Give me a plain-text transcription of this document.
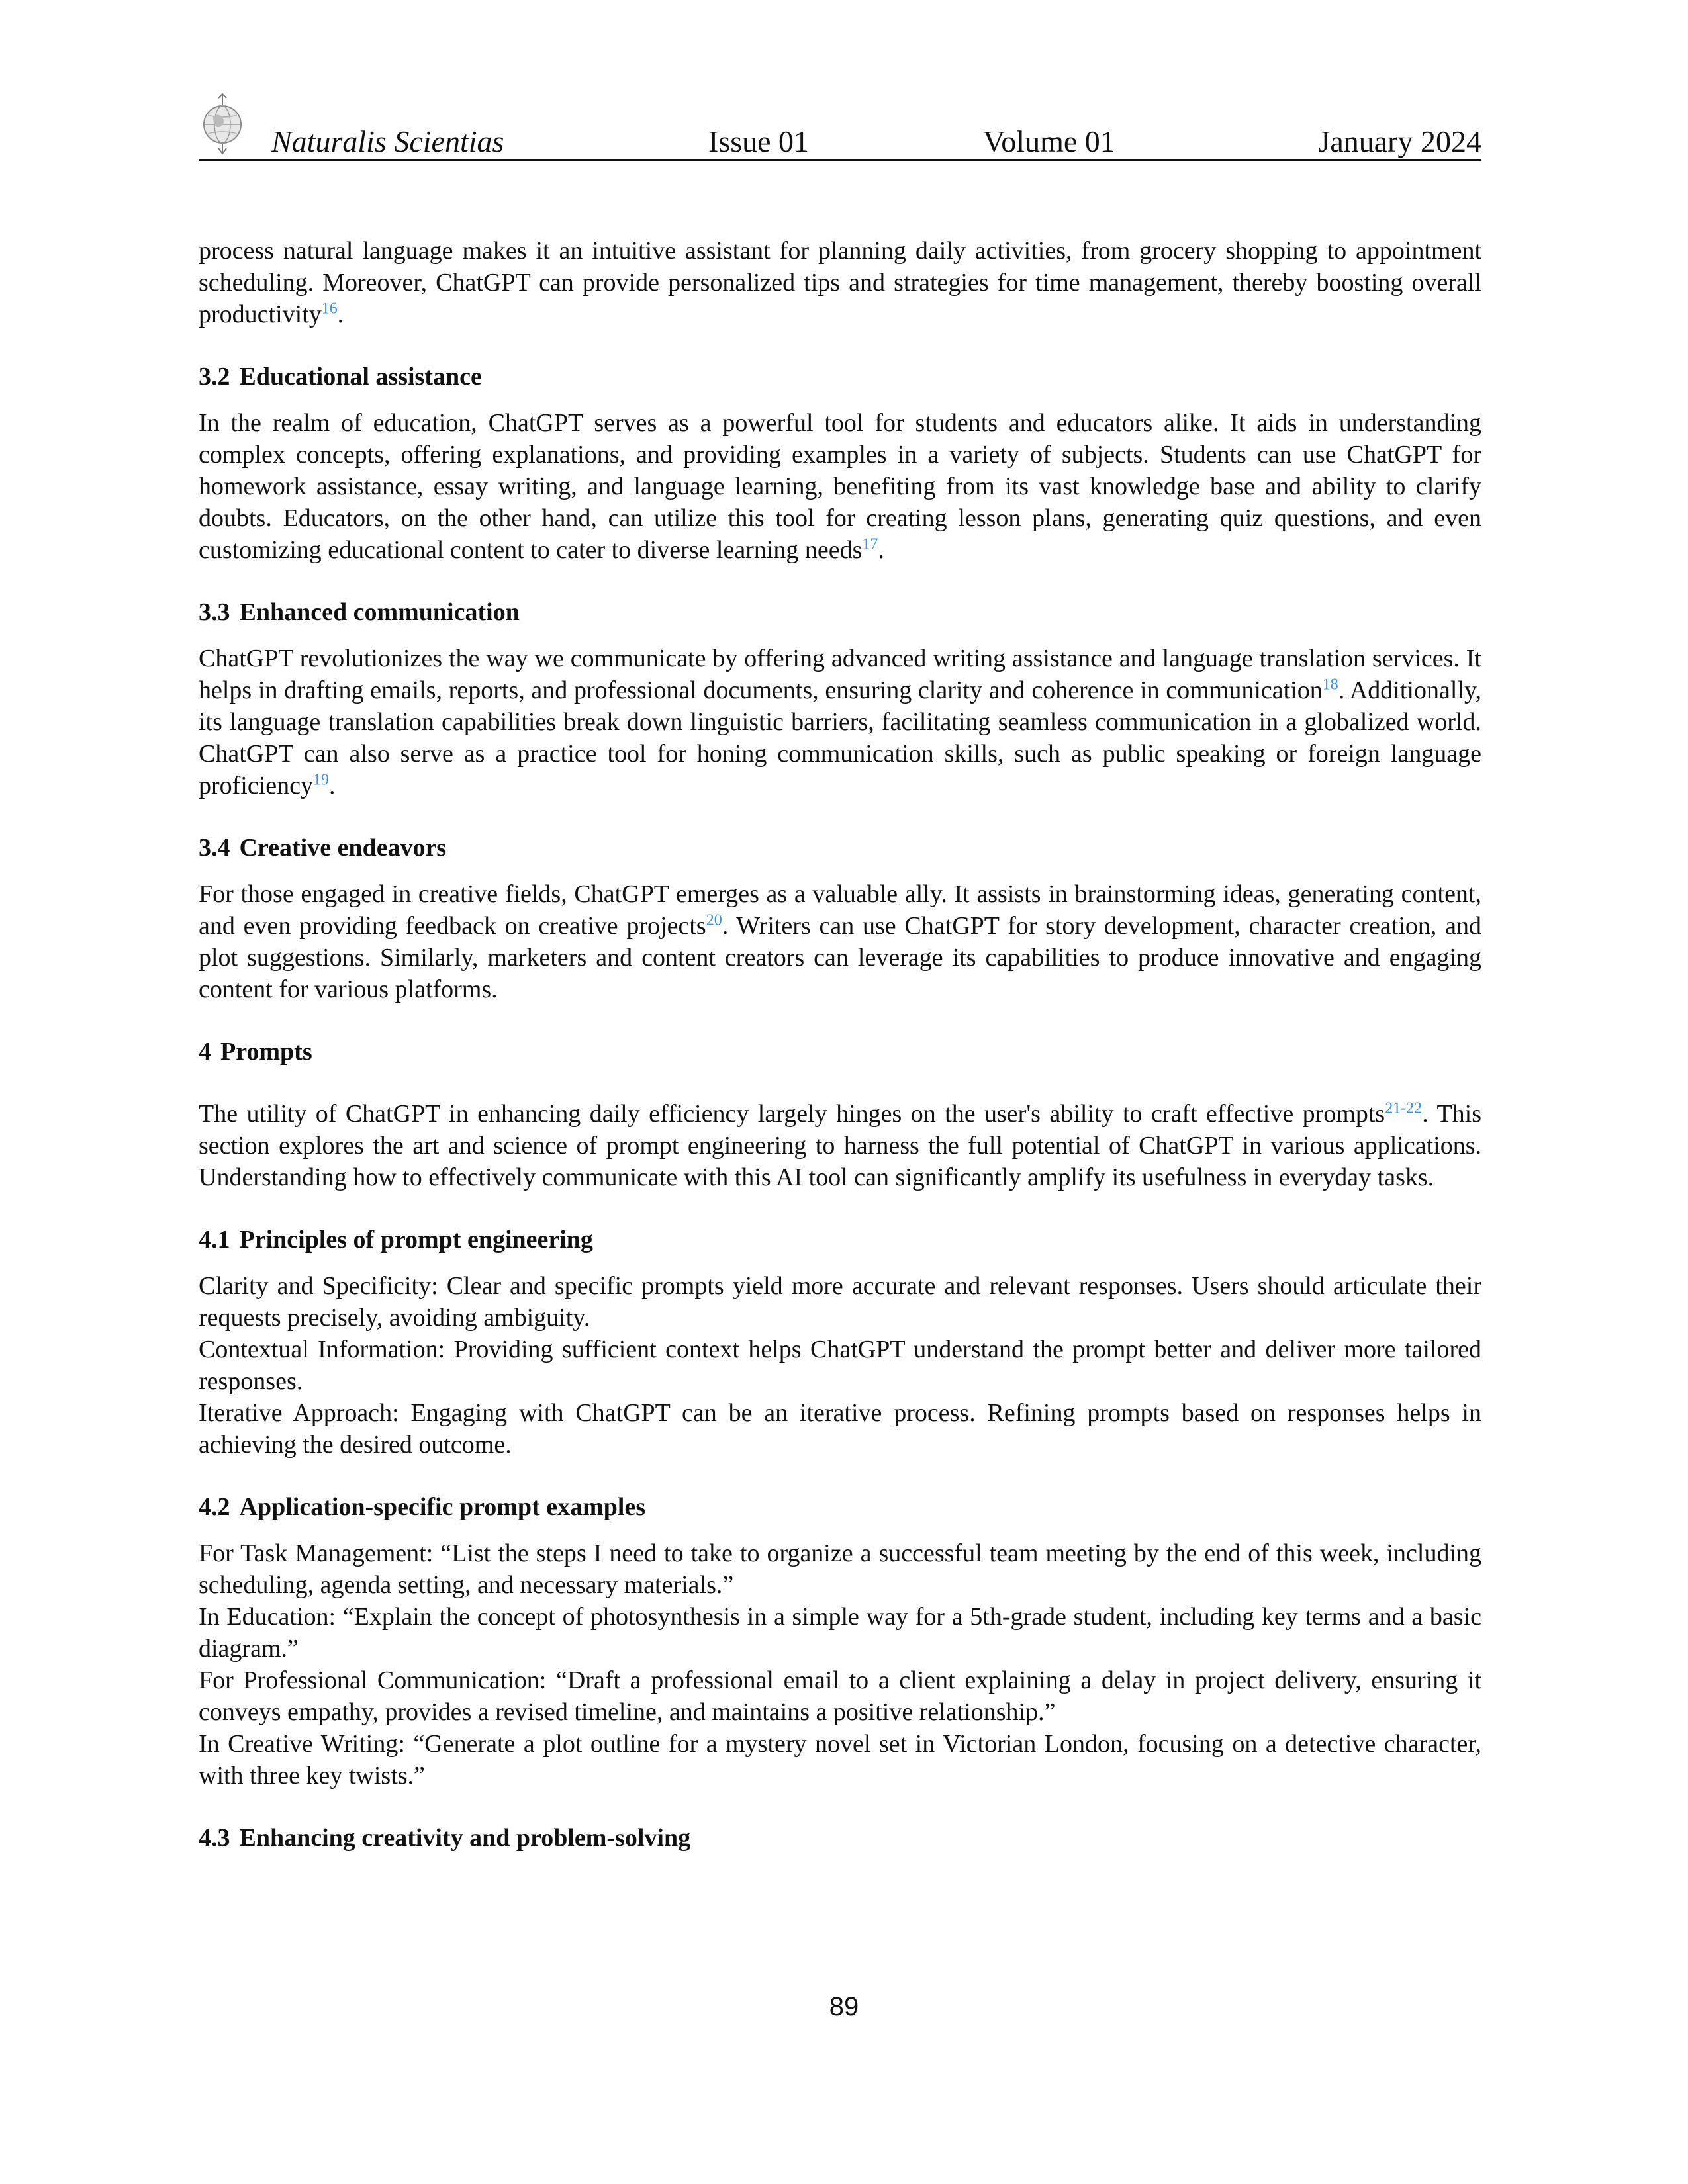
Naturalis Scientias	Issue 01	Volume 01	January 2024

process natural language makes it an intuitive assistant for planning daily activities, from grocery shopping to appointment scheduling. Moreover, ChatGPT can provide personalized tips and strategies for time management, thereby boosting overall productivity$^{16}$.

3.2 Educational assistance

In the realm of education, ChatGPT serves as a powerful tool for students and educators alike. It aids in understanding complex concepts, offering explanations, and providing examples in a variety of subjects. Students can use ChatGPT for homework assistance, essay writing, and language learning, benefiting from its vast knowledge base and ability to clarify doubts. Educators, on the other hand, can utilize this tool for creating lesson plans, generating quiz questions, and even customizing educational content to cater to diverse learning needs$^{17}$.

3.3 Enhanced communication

ChatGPT revolutionizes the way we communicate by offering advanced writing assistance and language translation services. It helps in drafting emails, reports, and professional documents, ensuring clarity and coherence in communication$^{18}$. Additionally, its language translation capabilities break down linguistic barriers, facilitating seamless communication in a globalized world. ChatGPT can also serve as a practice tool for honing communication skills, such as public speaking or foreign language proficiency$^{19}$.

3.4 Creative endeavors

For those engaged in creative fields, ChatGPT emerges as a valuable ally. It assists in brainstorming ideas, generating content, and even providing feedback on creative projects$^{20}$. Writers can use ChatGPT for story development, character creation, and plot suggestions. Similarly, marketers and content creators can leverage its capabilities to produce innovative and engaging content for various platforms.

4 Prompts

The utility of ChatGPT in enhancing daily efficiency largely hinges on the user's ability to craft effective prompts$^{21-22}$. This section explores the art and science of prompt engineering to harness the full potential of ChatGPT in various applications. Understanding how to effectively communicate with this AI tool can significantly amplify its usefulness in everyday tasks.

4.1 Principles of prompt engineering

Clarity and Specificity: Clear and specific prompts yield more accurate and relevant responses. Users should articulate their requests precisely, avoiding ambiguity.

Contextual Information: Providing sufficient context helps ChatGPT understand the prompt better and deliver more tailored responses.

Iterative Approach: Engaging with ChatGPT can be an iterative process. Refining prompts based on responses helps in achieving the desired outcome.

4.2 Application-specific prompt examples

For Task Management: “List the steps I need to take to organize a successful team meeting by the end of this week, including scheduling, agenda setting, and necessary materials.”

In Education: “Explain the concept of photosynthesis in a simple way for a 5th-grade student, including key terms and a basic diagram.”

For Professional Communication: “Draft a professional email to a client explaining a delay in project delivery, ensuring it conveys empathy, provides a revised timeline, and maintains a positive relationship.”

In Creative Writing: “Generate a plot outline for a mystery novel set in Victorian London, focusing on a detective character, with three key twists.”

4.3 Enhancing creativity and problem-solving
89
